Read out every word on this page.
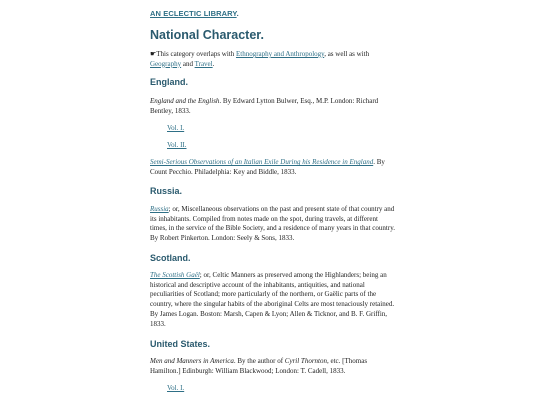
AN ECLECTIC LIBRARY.
National Character.

☛This category overlaps with Ethnography and Anthropology, as well as with Geography and Travel.

England.

England and the English. By Edward Lytton Bulwer, Esq., M.P. London: Richard Bentley, 1833.

Vol. I.

Vol. II.

Semi-Serious Observations of an Italian Exile During his Residence in England. By Count Pecchio. Philadelphia: Key and Biddle, 1833.

Russia.

Russia; or, Miscellaneous observations on the past and present state of that country and its inhabitants. Compiled from notes made on the spot, during travels, at different times, in the service of the Bible Society, and a residence of many years in that country. By Robert Pinkerton. London: Seely & Sons, 1833.

Scotland.

The Scottish Gaël; or, Celtic Manners as preserved among the Highlanders; being an historical and descriptive account of the inhabitants, antiquities, and national peculiarities of Scotland; more particularly of the northern, or Gaëlic parts of the country, where the singular habits of the aboriginal Celts are most tenaciously retained. By James Logan. Boston: Marsh, Capen & Lyon; Allen & Ticknor, and B. F. Griffin, 1833.

United States.

Men and Manners in America. By the author of Cyril Thornton, etc. [Thomas Hamilton.] Edinburgh: William Blackwood; London: T. Cadell, 1833.

Vol. I.
